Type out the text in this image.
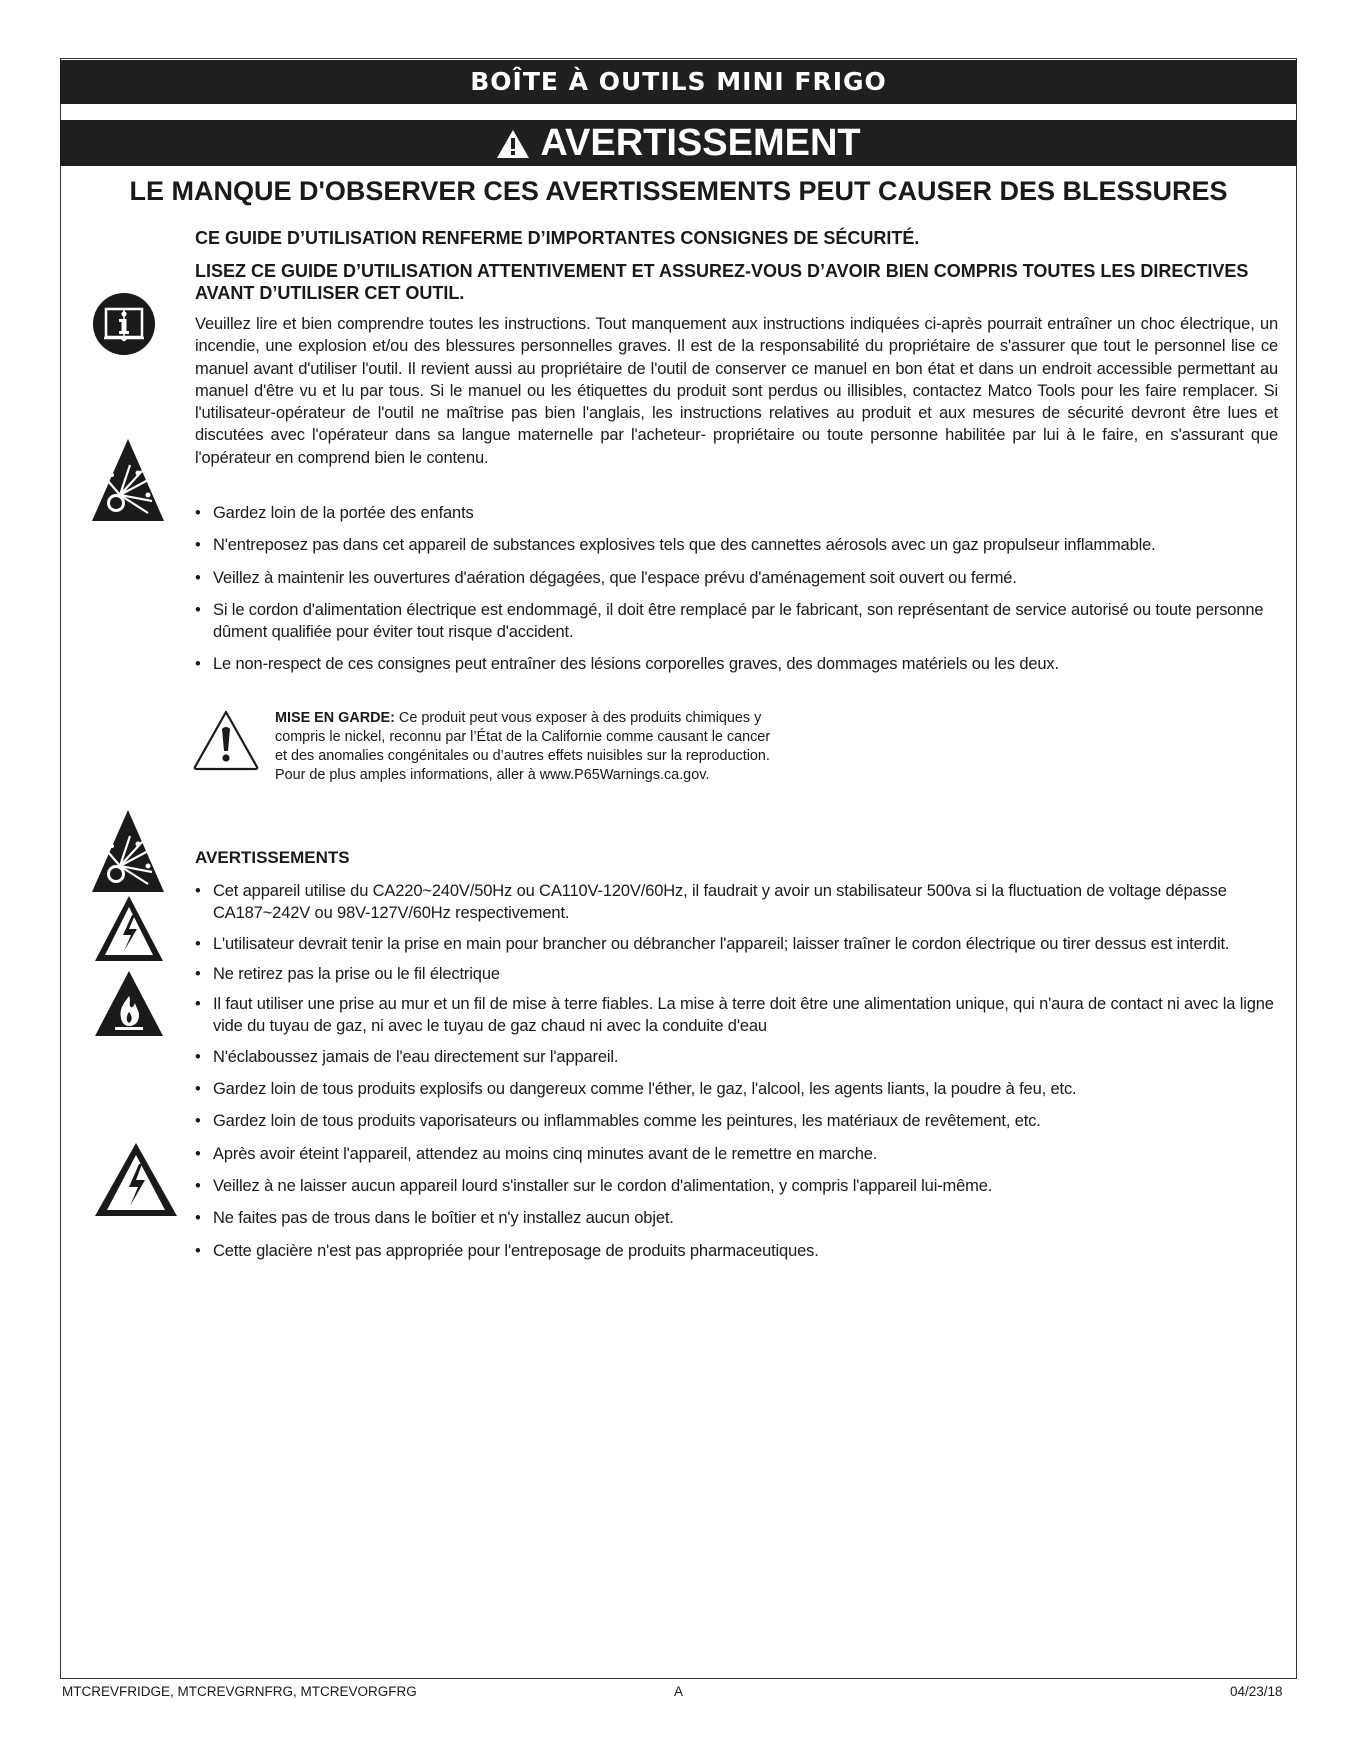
BOÎTE À OUTILS MINI FRIGO
AVERTISSEMENT
LE MANQUE D'OBSERVER CES AVERTISSEMENTS PEUT CAUSER DES BLESSURES
CE GUIDE D’UTILISATION RENFERME D’IMPORTANTES CONSIGNES DE SÉCURITÉ.
LISEZ CE GUIDE D’UTILISATION ATTENTIVEMENT ET ASSUREZ-VOUS D’AVOIR BIEN COMPRIS TOUTES LES DIRECTIVES AVANT D’UTILISER CET OUTIL.
Veuillez lire et bien comprendre toutes les instructions. Tout manquement aux instructions indiquées ci-après pourrait entraîner un choc électrique, un incendie, une explosion et/ou des blessures personnelles graves. Il est de la responsabilité du propriétaire de s'assurer que tout le personnel lise ce manuel avant d'utiliser l'outil. Il revient aussi au propriétaire de l'outil de conserver ce manuel en bon état et dans un endroit accessible permettant au manuel d'être vu et lu par tous. Si le manuel ou les étiquettes du produit sont perdus ou illisibles, contactez Matco Tools pour les faire remplacer. Si l'utilisateur-opérateur de l'outil ne maîtrise pas bien l'anglais, les instructions relatives au produit et aux mesures de sécurité devront être lues et discutées avec l'opérateur dans sa langue maternelle par l'acheteur- propriétaire ou toute personne habilitée par lui à le faire, en s'assurant que l'opérateur en comprend bien le contenu.
• Gardez loin de la portée des enfants
• N'entreposez pas dans cet appareil de substances explosives tels que des cannettes aérosols avec un gaz propulseur inflammable.
• Veillez à maintenir les ouvertures d'aération dégagées, que l'espace prévu d'aménagement soit ouvert ou fermé.
• Si le cordon d'alimentation électrique est endommagé, il doit être remplacé par le fabricant, son représentant de service autorisé ou toute personne dûment qualifiée pour éviter tout risque d'accident.
• Le non-respect de ces consignes peut entraîner des lésions corporelles graves, des dommages matériels ou les deux.
MISE EN GARDE: Ce produit peut vous exposer à des produits chimiques y compris le nickel, reconnu par l’État de la Californie comme causant le cancer et des anomalies congénitales ou d’autres effets nuisibles sur la reproduction. Pour de plus amples informations, aller à www.P65Warnings.ca.gov.
AVERTISSEMENTS
• Cet appareil utilise du CA220~240V/50Hz ou CA110V-120V/60Hz, il faudrait y avoir un stabilisateur 500va si la fluctuation de voltage dépasse CA187~242V ou 98V-127V/60Hz respectivement.
• L'utilisateur devrait tenir la prise en main pour brancher ou débrancher l'appareil; laisser traîner le cordon électrique ou tirer dessus est interdit.
• Ne retirez pas la prise ou le fil électrique
• Il faut utiliser une prise au mur et un fil de mise à terre fiables. La mise à terre doit être une alimentation unique, qui n'aura de contact ni avec la ligne vide du tuyau de gaz, ni avec le tuyau de gaz chaud ni avec la conduite d'eau
• N'éclaboussez jamais de l'eau directement sur l'appareil.
• Gardez loin de tous produits explosifs ou dangereux comme l'éther, le gaz, l'alcool, les agents liants, la poudre à feu, etc.
• Gardez loin de tous produits vaporisateurs ou inflammables comme les peintures, les matériaux de revêtement, etc.
• Après avoir éteint l'appareil, attendez au moins cinq minutes avant de le remettre en marche.
• Veillez à ne laisser aucun appareil lourd s'installer sur le cordon d'alimentation, y compris l'appareil lui-même.
• Ne faites pas de trous dans le boîtier et n'y installez aucun objet.
• Cette glacière n'est pas appropriée pour l'entreposage de produits pharmaceutiques.
MTCREVFRIDGE, MTCREVGRNFRG, MTCREVORGFRG	A	04/23/18
